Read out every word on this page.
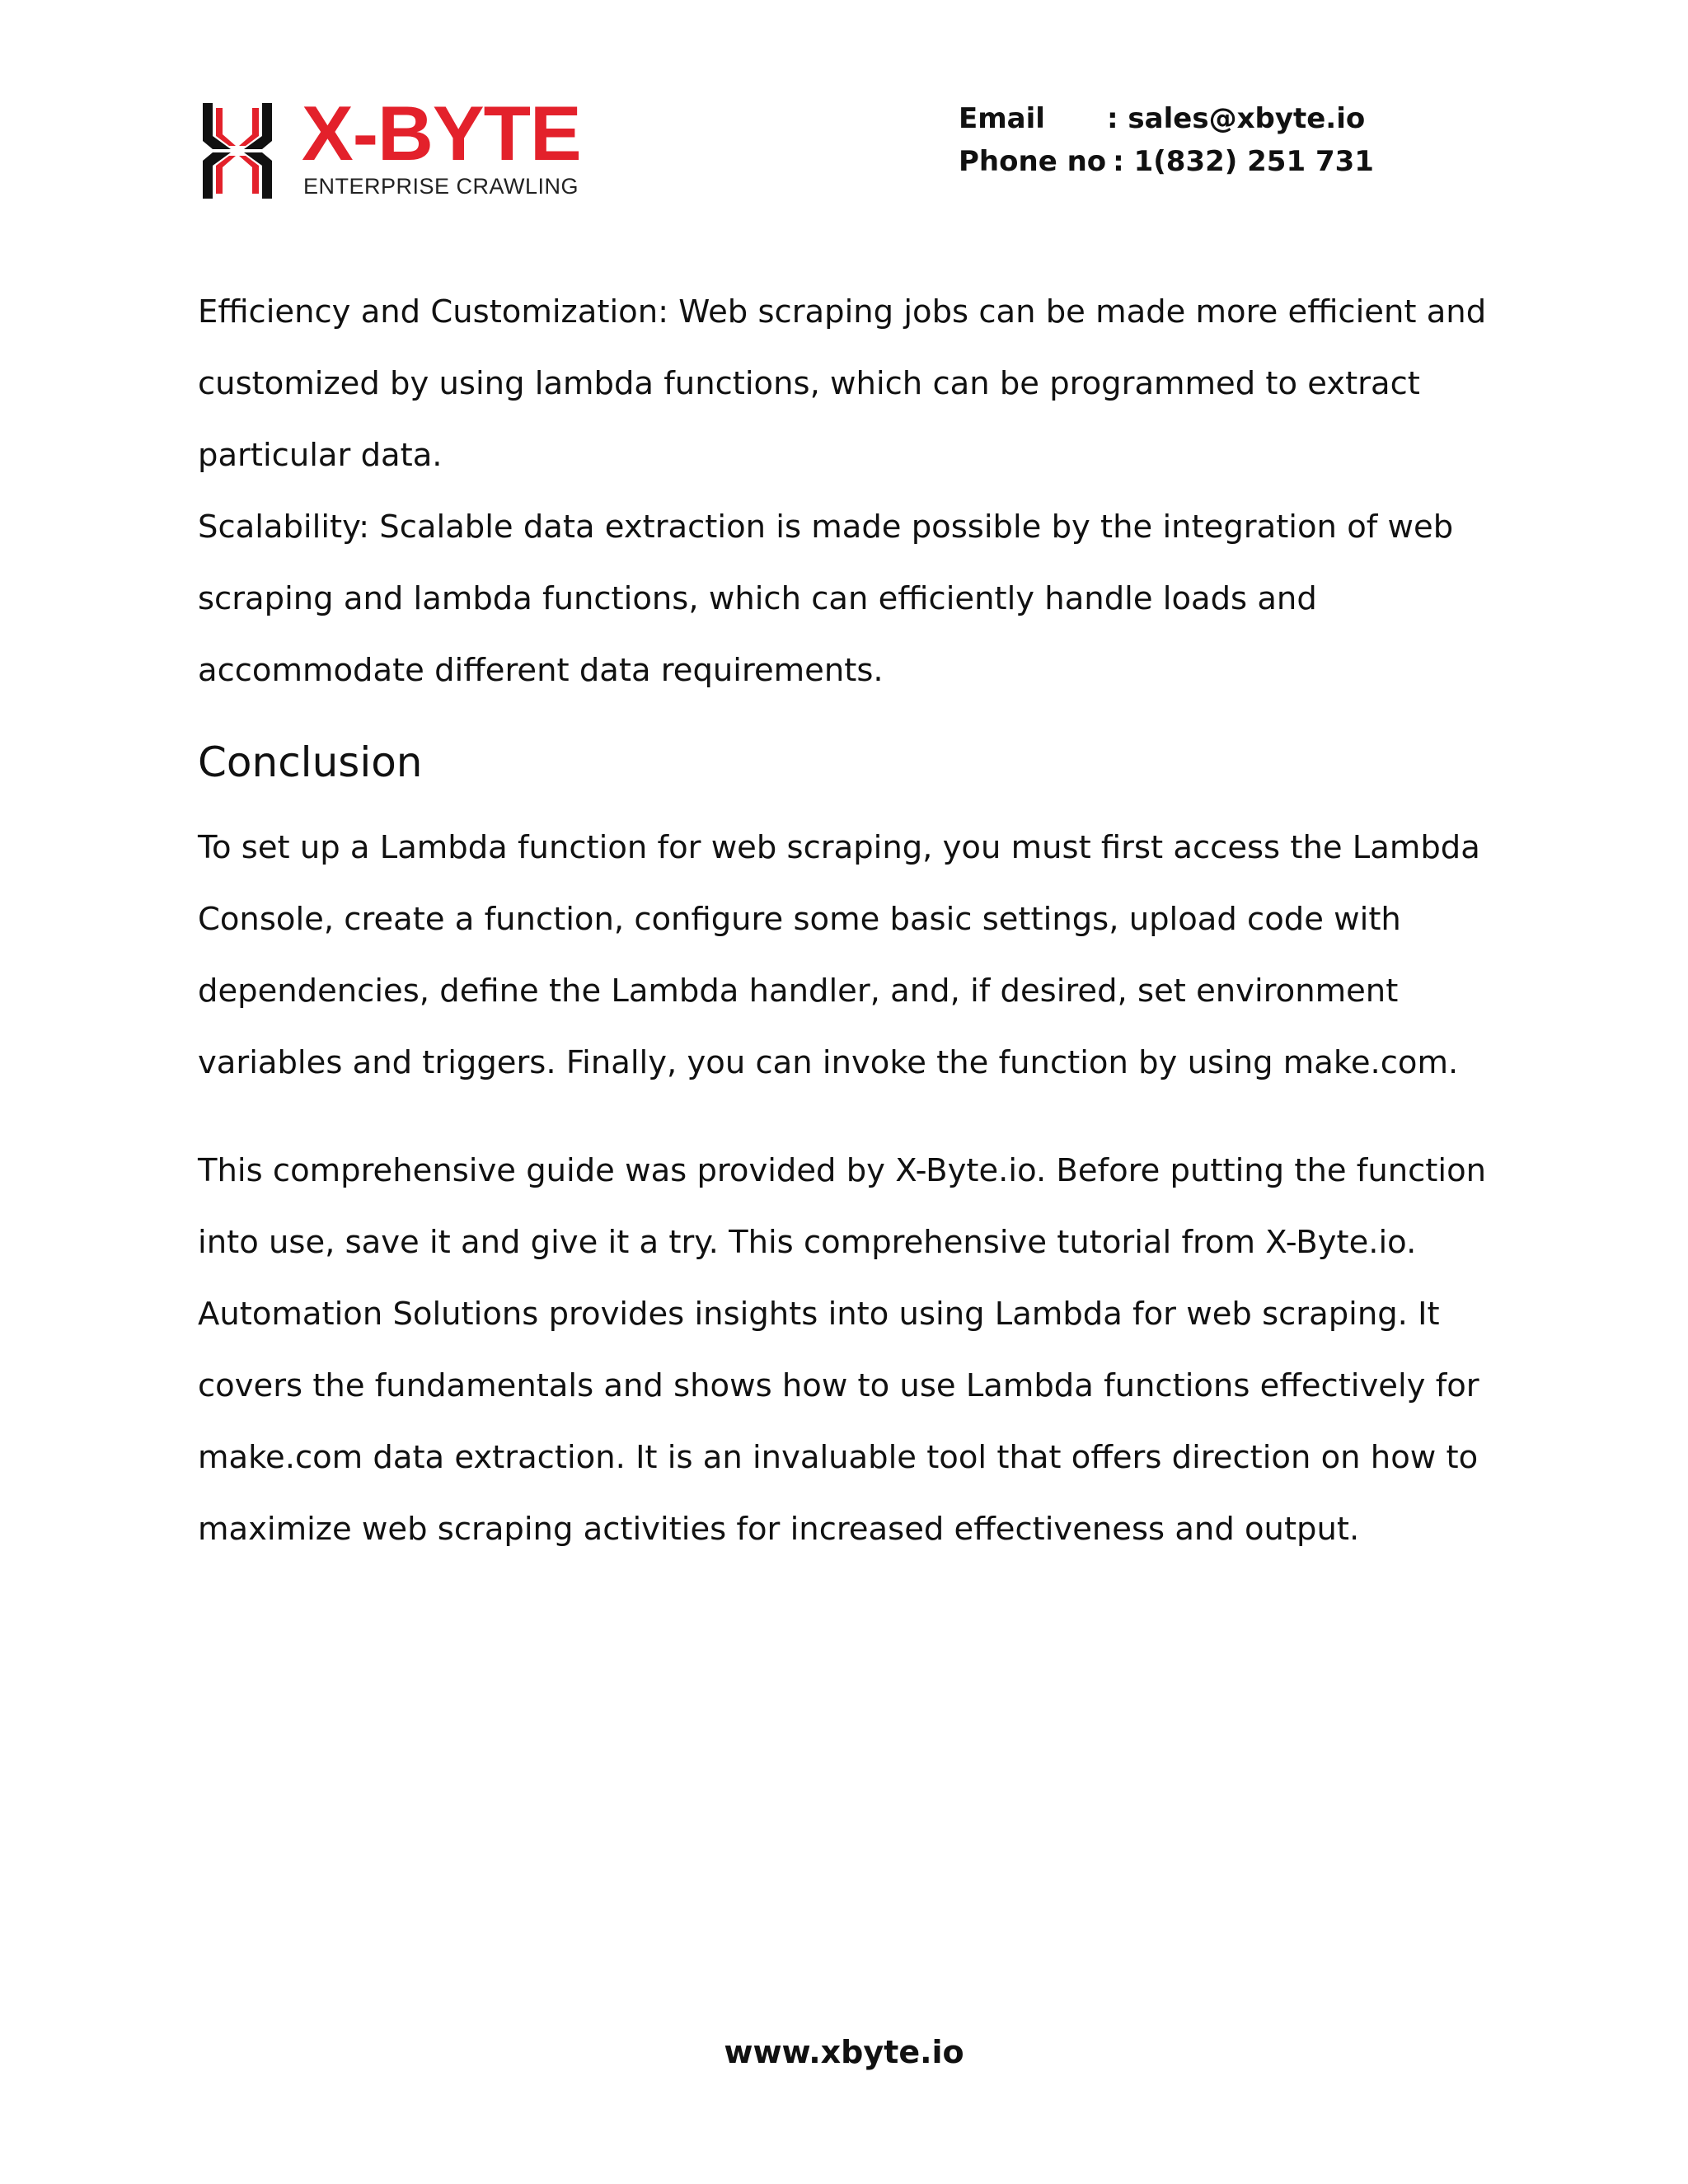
X-BYTE
ENTERPRISE CRAWLING
Email	: sales@xbyte.io
Phone no : 1(832) 251 731

Efficiency and Customization: Web scraping jobs can be made more efficient and customized by using lambda functions, which can be programmed to extract particular data.

Scalability: Scalable data extraction is made possible by the integration of web scraping and lambda functions, which can efficiently handle loads and accommodate different data requirements.

Conclusion

To set up a Lambda function for web scraping, you must first access the Lambda Console, create a function, configure some basic settings, upload code with dependencies, define the Lambda handler, and, if desired, set environment variables and triggers. Finally, you can invoke the function by using make.com.

This comprehensive guide was provided by X-Byte.io. Before putting the function into use, save it and give it a try. This comprehensive tutorial from X-Byte.io. Automation Solutions provides insights into using Lambda for web scraping. It covers the fundamentals and shows how to use Lambda functions effectively for make.com data extraction. It is an invaluable tool that offers direction on how to maximize web scraping activities for increased effectiveness and output.

www.xbyte.io
